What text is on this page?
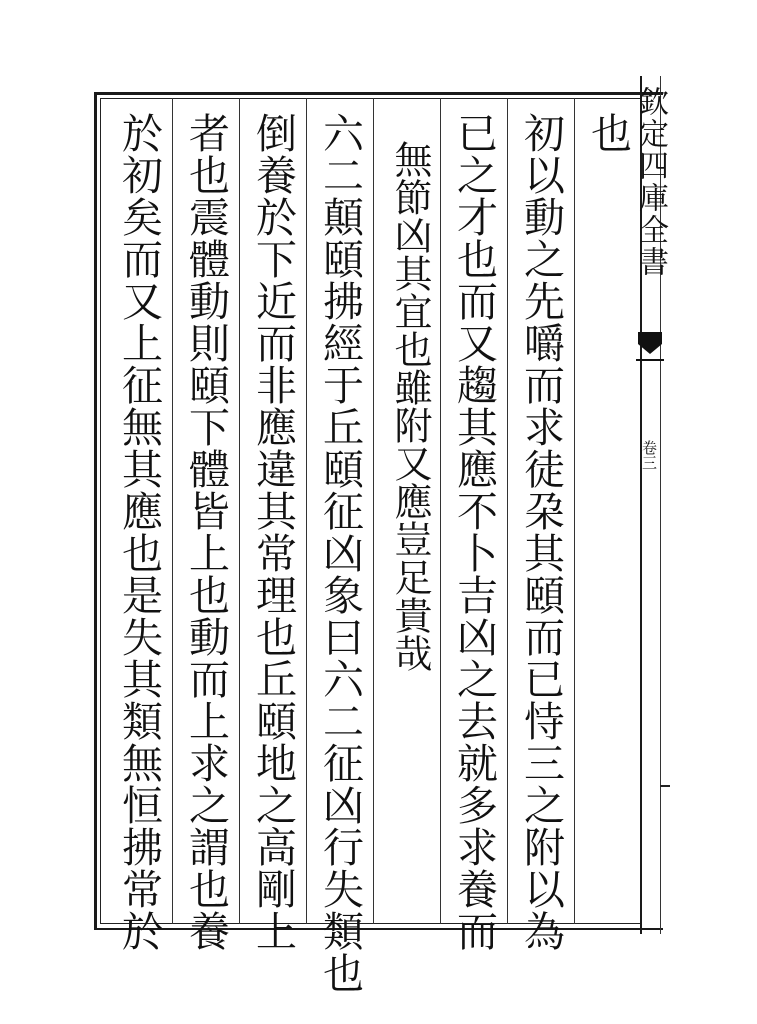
也
初以動之先嚼而求徒朶其頤而已恃三之附以為
已之才也而又趨其應不卜吉凶之去就多求養而
無節凶其宜也雖附又應豈足貴哉
六二顛頤拂經于丘頤征凶象曰六二征凶行失類也
倒養於下近而非應違其常理也丘頤地之高剛上
者也震體動則頤下體皆上也動而上求之謂也養
於初矣而又上征無其應也是失其類無恒拂常於	欽定四庫全書
卷三
